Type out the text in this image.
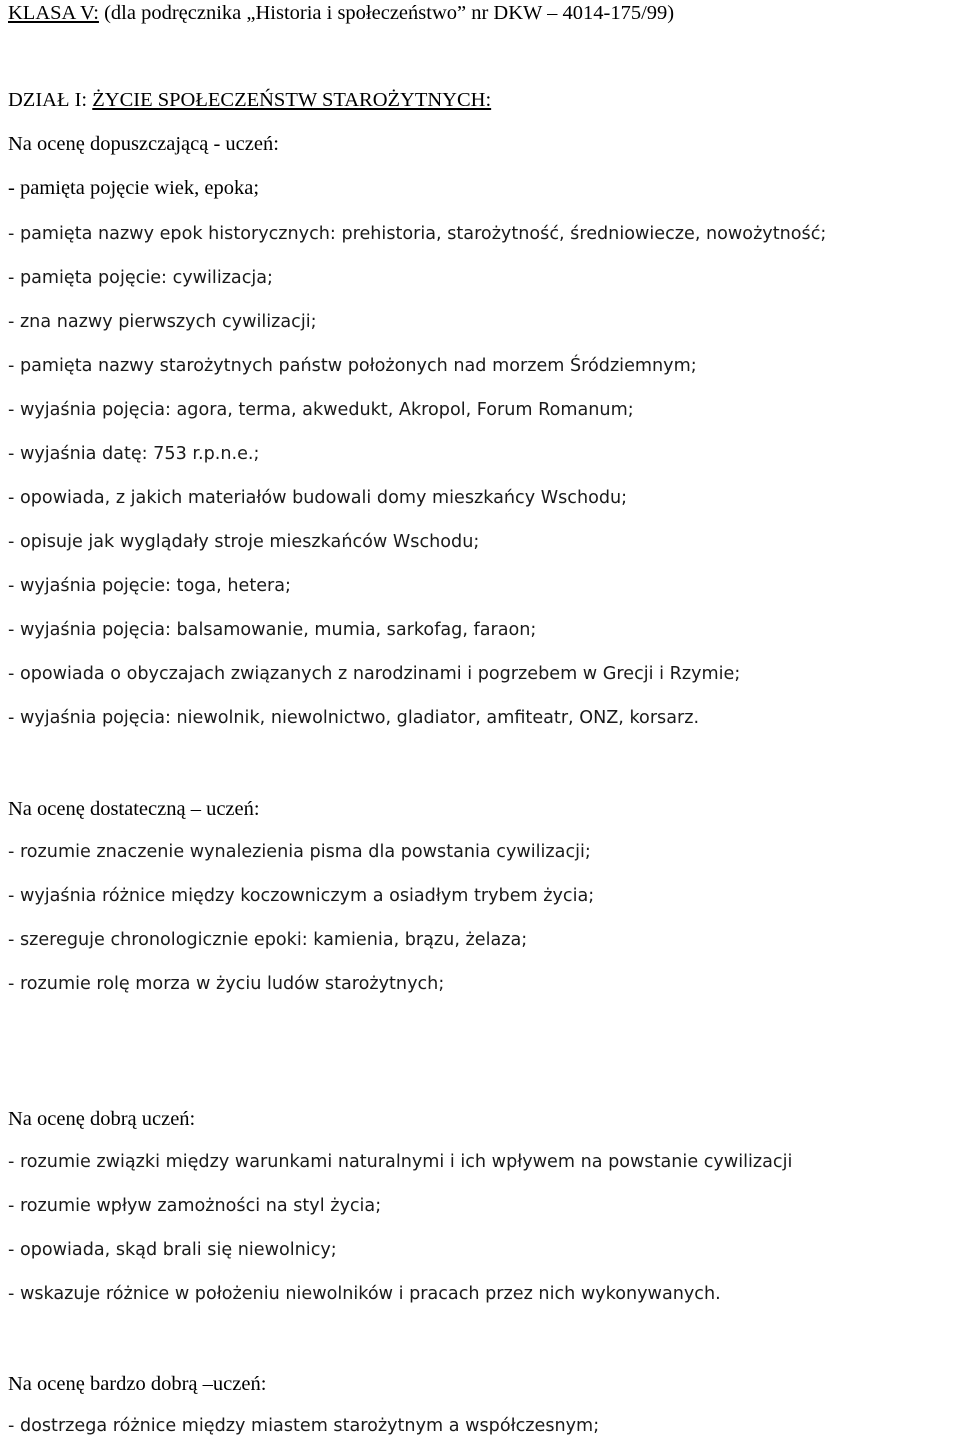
KLASA V: (dla podręcznika „Historia i społeczeństwo” nr DKW – 4014-175/99)
DZIAŁ I: ŻYCIE SPOŁECZEŃSTW STAROŻYTNYCH:
Na ocenę dopuszczającą - uczeń:
- pamięta pojęcie wiek, epoka;
- pamięta nazwy epok historycznych: prehistoria, starożytność, średniowiecze, nowożytność;
- pamięta pojęcie: cywilizacja;
- zna nazwy pierwszych cywilizacji;
- pamięta nazwy starożytnych państw położonych nad morzem Śródziemnym;
- wyjaśnia pojęcia: agora, terma, akwedukt, Akropol, Forum Romanum;
- wyjaśnia datę: 753 r.p.n.e.;
- opowiada, z jakich materiałów budowali domy mieszkańcy Wschodu;
- opisuje jak wyglądały stroje mieszkańców Wschodu;
- wyjaśnia pojęcie: toga, hetera;
- wyjaśnia pojęcia: balsamowanie, mumia, sarkofag, faraon;
- opowiada o obyczajach związanych z narodzinami i pogrzebem w Grecji i Rzymie;
- wyjaśnia pojęcia: niewolnik, niewolnictwo, gladiator, amfiteatr, ONZ, korsarz.
Na ocenę dostateczną – uczeń:
- rozumie znaczenie wynalezienia pisma dla powstania cywilizacji;
- wyjaśnia różnice między koczowniczym a osiadłym trybem życia;
- szereguje chronologicznie epoki: kamienia, brązu, żelaza;
- rozumie rolę morza w życiu ludów starożytnych;
Na ocenę dobrą uczeń:
- rozumie związki między warunkami naturalnymi i ich wpływem na powstanie cywilizacji
- rozumie wpływ zamożności na styl życia;
- opowiada, skąd brali się niewolnicy;
- wskazuje różnice w położeniu niewolników i pracach przez nich wykonywanych.
Na ocenę bardzo dobrą –uczeń:
- dostrzega różnice między miastem starożytnym a współczesnym;
